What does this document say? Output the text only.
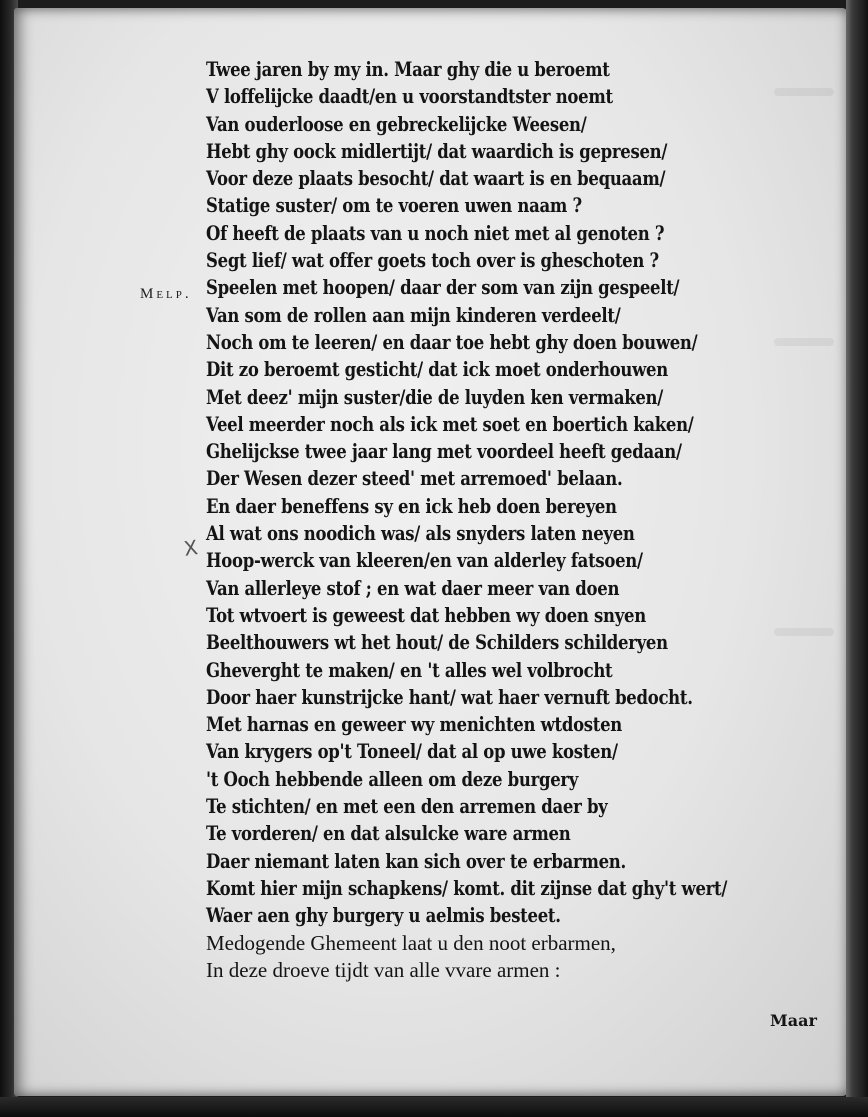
Melp.
X
Twee jaren by my in. Maar ghy die u beroemt
V loffelijcke daadt/en u voorstandtster noemt
Van ouderloose en gebreckelijcke Weesen/
Hebt ghy oock midlertijt/ dat waardich is gepresen/
Voor deze plaats besocht/ dat waart is en bequaam/
Statige suster/ om te voeren uwen naam ?
Of heeft de plaats van u noch niet met al genoten ?
Segt lief/ wat offer goets toch over is gheschoten ?
Speelen met hoopen/ daar der som van zijn gespeelt/
Van som de rollen aan mijn kinderen verdeelt/
Noch om te leeren/ en daar toe hebt ghy doen bouwen/
Dit zo beroemt gesticht/ dat ick moet onderhouwen
Met deez' mijn suster/die de luyden ken vermaken/
Veel meerder noch als ick met soet en boertich kaken/
Ghelijckse twee jaar lang met voordeel heeft gedaan/
Der Wesen dezer steed' met arremoed' belaan.
En daer beneffens sy en ick heb doen bereyen
Al wat ons noodich was/ als snyders laten neyen
Hoop-werck van kleeren/en van alderley fatsoen/
Van allerleye stof ; en wat daer meer van doen
Tot wtvoert is geweest dat hebben wy doen snyen
Beelthouwers wt het hout/ de Schilders schilderyen
Gheverght te maken/ en 't alles wel volbrocht
Door haer kunstrijcke hant/ wat haer vernuft bedocht.
Met harnas en geweer wy menichten wtdosten
Van krygers op't Toneel/ dat al op uwe kosten/
't Ooch hebbende alleen om deze burgery
Te stichten/ en met een den arremen daer by
Te vorderen/ en dat alsulcke ware armen
Daer niemant laten kan sich over te erbarmen.
Komt hier mijn schapkens/ komt. dit zijnse dat ghy't wert/
Waer aen ghy burgery u aelmis besteet.
Medogende Ghemeent laat u den noot erbarmen,
In deze droeve tijdt van alle vvare armen :
Maar
